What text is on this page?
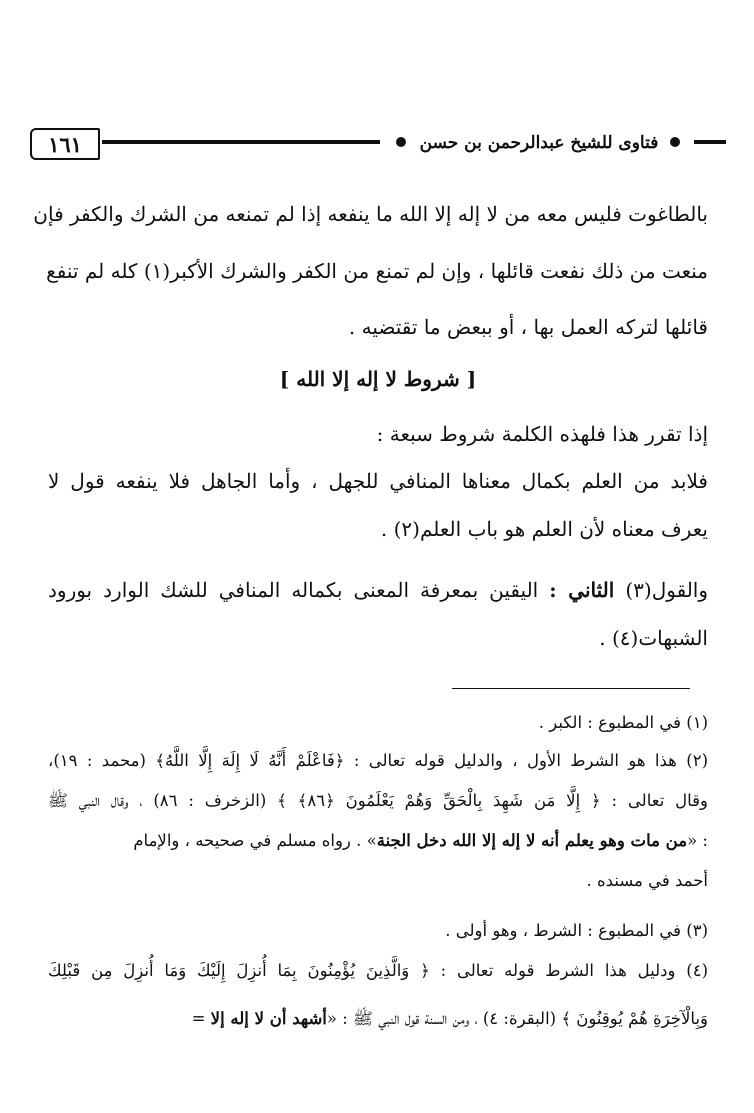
١٦١	فتاوى للشيخ عبدالرحمن بن حسن
بالطاغوت فليس معه من لا إله إلا الله ما ينفعه إذا لم تمنعه من الشرك والكفر فإن
منعت من ذلك نفعت قائلها ، وإن لم تمنع من الكفر والشرك الأكبر(١) كله لم تنفع
قائلها لتركه العمل بها ، أو ببعض ما تقتضيه .
[ شروط لا إله إلا الله ]
إذا تقرر هذا فلهذه الكلمة شروط سبعة :
فلابد من العلم بكمال معناها المنافي للجهل ، وأما الجاهل فلا ينفعه قول لا
يعرف معناه لأن العلم هو باب العلم(٢) .
والقول(٣) الثاني : اليقين بمعرفة المعنى بكماله المنافي للشك الوارد بورود
الشبهات(٤) .
(١) في المطبوع : الكبر .
(٢) هذا هو الشرط الأول ، والدليل قوله تعالى : ﴿فَاعْلَمْ أَنَّهُ لَا إِلَهَ إِلَّا اللَّهُ﴾ (محمد : ١٩)،
وقال تعالى : ﴿ إِلَّا مَن شَهِدَ بِالْحَقِّ وَهُمْ يَعْلَمُونَ ﴿٨٦﴾ ﴾ (الزخرف : ٨٦) ، وقال النبي ﷺ
: «من مات وهو يعلم أنه لا إله إلا الله دخل الجنة» . رواه مسلم في صحيحه ، والإمام
أحمد في مسنده .
(٣) في المطبوع : الشرط ، وهو أولى .
(٤) ودليل هذا الشرط قوله تعالى : ﴿ وَالَّذِينَ يُؤْمِنُونَ بِمَا أُنزِلَ إِلَيْكَ وَمَا أُنزِلَ مِن قَبْلِكَ
وَبِالْآخِرَةِ هُمْ يُوقِنُونَ ﴾ (البقرة: ٤) ، ومن السنة قول النبي ﷺ : «أشهد أن لا إله إلا =
